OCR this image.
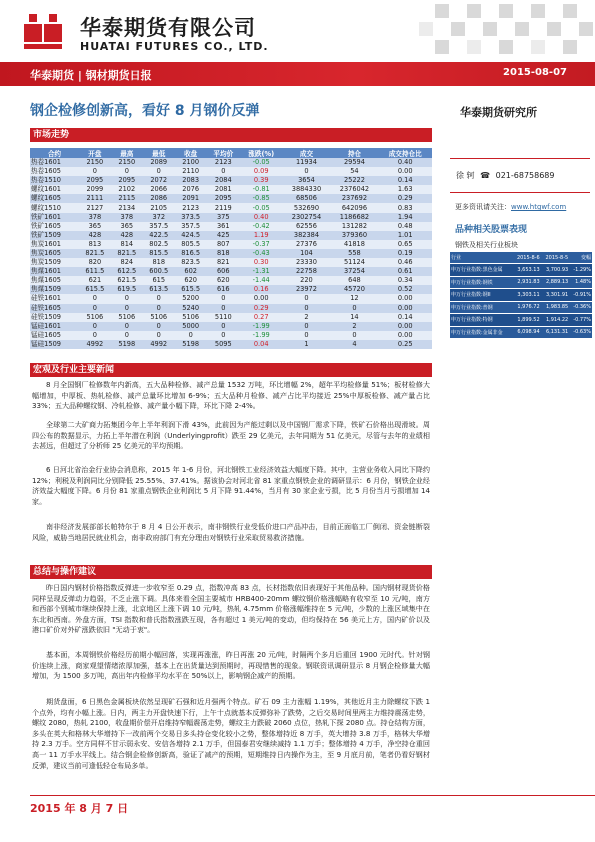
华泰期货有限公司
HUATAI FUTURES CO., LTD.
华泰期货 | 钢材期货日报	2015-08-07
钢企检修创新高，看好 8 月钢价反弹
市场走势
合约	开盘	最高	最低	收盘	平均价	涨跌(%)	成交	持仓	成交持仓比
热卷1601	2150	2150	2089	2100	2123	-0.05	11934	29594	0.40
热卷1605	0	0	0	2110	0	0.09	0	54	0.00
热卷1510	2095	2095	2072	2083	2084	0.39	3654	25222	0.14
螺纹1601	2099	2102	2066	2076	2081	-0.81	3884330	2376042	1.63
螺纹1605	2111	2115	2086	2091	2095	-0.85	68506	237692	0.29
螺纹1510	2127	2134	2105	2123	2119	-0.05	532690	642096	0.83
铁矿1601	378	378	372	373.5	375	0.40	2302754	1186682	1.94
铁矿1605	365	365	357.5	357.5	361	-0.42	62556	131282	0.48
铁矿1509	428	428	422.5	424.5	425	1.19	382384	379360	1.01
焦炭1601	813	814	802.5	805.5	807	-0.37	27376	41818	0.65
焦炭1605	821.5	821.5	815.5	816.5	818	-0.43	104	558	0.19
焦炭1509	820	824	818	823.5	821	0.30	23330	51124	0.46
焦煤1601	611.5	612.5	600.5	602	606	-1.31	22758	37254	0.61
焦煤1605	621	621.5	615	620	620	-1.44	220	648	0.34
焦煤1509	615.5	619.5	613.5	615.5	616	0.16	23972	45720	0.52
硅铁1601	0	0	0	5200	0	0.00	0	12	0.00
硅铁1605	0	0	0	5240	0	0.29	0	0	0.00
硅铁1509	5106	5106	5106	5106	5110	0.27	2	14	0.14
锰硅1601	0	0	0	5000	0	-1.99	0	2	0.00
锰硅1605	0	0	0	0	0	-1.99	0	0	0.00
锰硅1509	4992	5198	4992	5198	5095	0.04	1	4	0.25
宏观及行业主要新闻
8 月全国钢厂检修数年内新高，五大品种检修、减产总量 1532 万吨，环比增幅 2%，超年平均检修量 51%；板材检修大幅增加，中厚板、热轧检修、减产总量环比增加 6-9%；五大品种月检修、减产占比平均接近 25%中厚板检修、减产量占比 33%；五大品种螺纹钢、冷轧检修、减产量小幅下降，环比下降 2-4%。
全球第二大矿商力拓集团今年上半年利润下滑 43%，此前因为产能过剩以及中国钢厂需求下降，铁矿石价格出现滑坡。周四公布的数据显示，力拓上半年潜在利润（Underlyingprofit）跌至 29 亿美元，去年同期为 51 亿美元，尽管与去年的业绩相去甚远，但超过了分析师 25 亿美元的平均预期。
6 日河北省治金行业协会消息称，2015 年 1-6 月份，河北钢铁工业经济效益大幅度下降。其中，主营业务收入同比下降约 12%；利税及利润同比分别降低 25.55%、37.41%。据该协会对河北省 81 家重点钢铁企业的调研显示：6 月份，钢铁企业经济效益大幅度下降。6 月份 81 家重点钢铁企业利润比 5 月下降 91.44%，当月有 30 家企业亏损，比 5 月份当月亏损增加 14 家。
南非经济发展部部长帕特尔于 8 月 4 日公开表示，南非钢铁行业受低价进口产品冲击，目前正面临工厂倒闭、资金链断裂风险，威胁当地居民就业机会，南非政府部门有充分理由对钢铁行业采取贸易救济措施。
总结与操作建议
昨日国内钢材价格指数反弹进一步收窄至 0.29 点，指数冲高 83 点，长材指数依旧表现好于其他品种。国内钢材现货价格同样呈现反弹动力趋弱，不乏止涨下调。具体来看全国主要城市 HRB400-20mm 螺纹钢价格涨幅略有收窄至 10 元/吨，南方和西部个别城市继续保持上涨，北京地区上涨下调 10 元/吨，热轧 4.75mm 价格涨幅维持在 5 元/吨，少数的上涨区域集中在东北和西南。外盘方面，TSI 指数和普氏指数涨跌互现，各有超过 1 美元/吨的变动，但均保持在 56 美元上方，国内矿价以及港口矿价对外矿涨跌依旧 "无动于衷"。
基本面，本周钢铁价格经历前期小幅回落，实现再涨涨，昨日再涨 20 元/吨，时隔两个多月后重回 1900 元时代。针对钢价连续上涨，商家观望情绪浓厚加强，基本上在出货量达到预期时，再现惜售的现象。钢联资讯调研显示 8 月钢企检修量大幅增加，为 1500 多万吨，高出年内检修平均水平在 50%以上，影响钢企减产的预期。
期货盘面，6 日黑色金属板块依然呈现矿石强和近月强两个特点。矿石 09 主力涨幅 1.19%，其他近月主力除螺纹下跌 1 个点外，均有小幅上涨。日内，两主力开盘快速下行，上午十点就基本反弹弥补了跌势，之后交易时间里两主力维持震荡走势，螺纹 2080，热轧 2100，收盘期价偿开启维持窄幅震荡走势，螺纹主力跌破 2060 点位，热轧下探 2080 点。持仓结构方面，多头在英大和格林大华增持下一改前两个交易日多头持仓变化较小之势，整体增持近 8 万手，英大增持 3.8 万手，格林大华增持 2.3 万手。空方同样不甘示弱永安、安信各增持 2.1 万手，但国泰君安继续减持 1.1 万手；整体增持 4 万手，净空持仓重回高一 11 万手水平线上。结合钢企检修创新高，验证了减产的预期，短期维持日内操作为主，至 9 月底月前，笔者仍看好钢材反弹，建议当前可逢低轻仓布局多单。
华泰期货研究所
徐 轲 ☎ 021-68758689
更多资讯请关注：www.htgwf.com
品种相关股票表现
钢铁及相关行业板块
行业	2015-8-6	2015-8-5	变幅
申万行业指数:黑色金属	3,653.13	3,700.93	-1.29%
申万行业指数:钢铁	2,931.83	2,889.13	1.48%
申万行业指数:钢II	3,303.11	3,301.91	-0.91%
申万行业指数:普钢	1,976.72	1,983.85	-0.36%
申万行业指数:特钢	1,899.52	1,914.22	-0.77%
申万行业指数:金属非金	6,098.94	6,131.31	-0.63%
2015 年 8 月 7 日
